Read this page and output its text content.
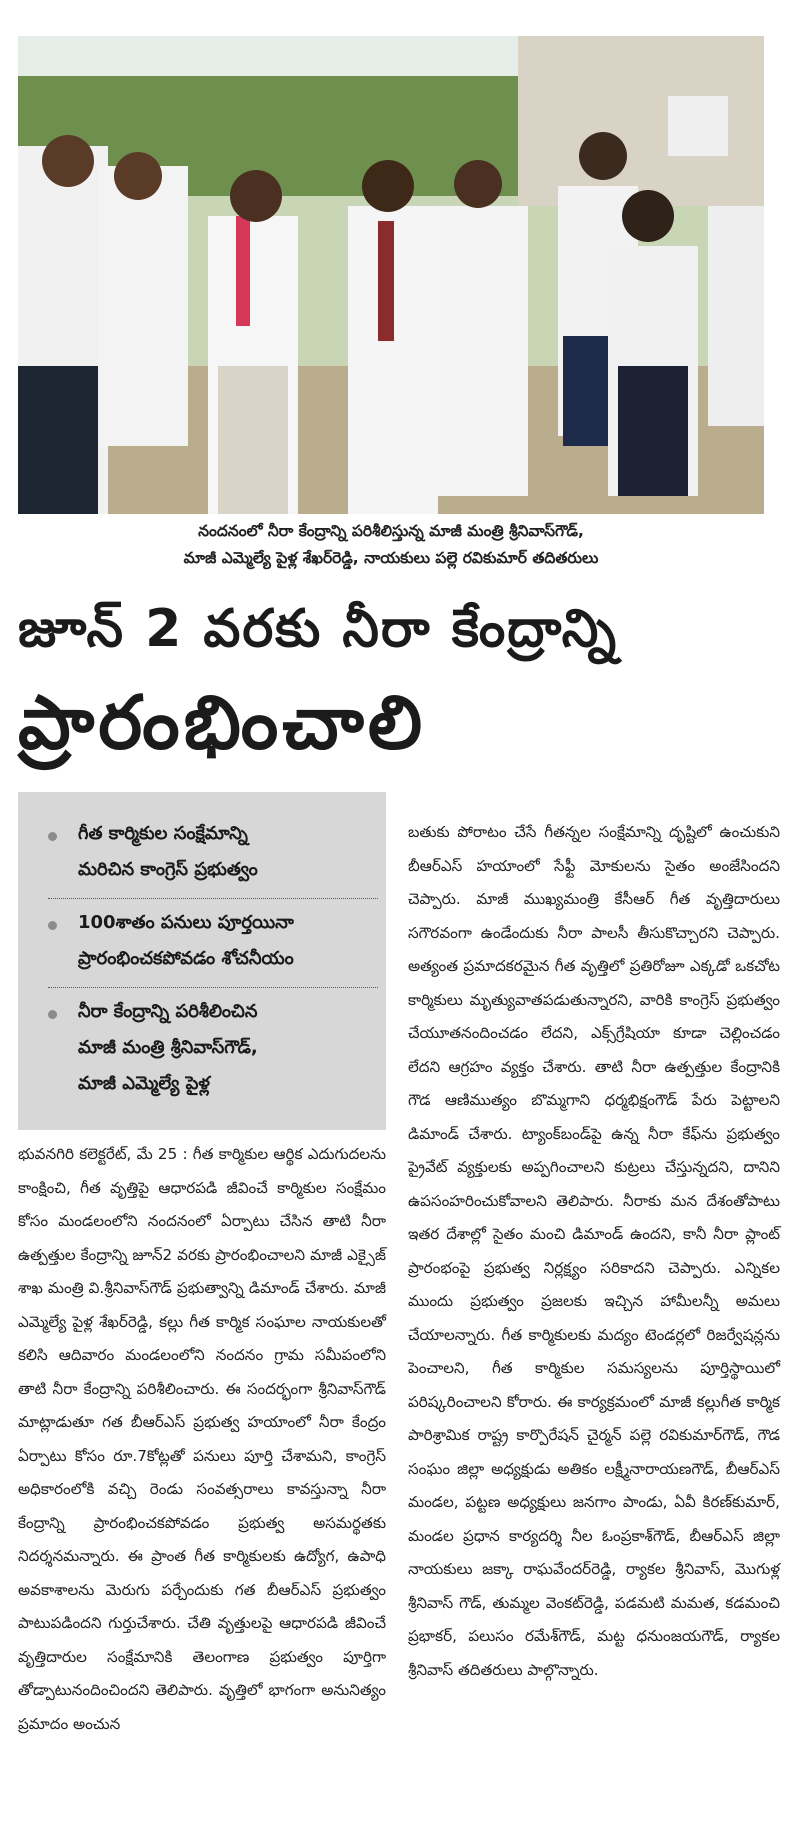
నందనంలో నీరా కేంద్రాన్ని పరిశీలిస్తున్న మాజీ మంత్రి శ్రీనివాస్‌గౌడ్,
మాజీ ఎమ్మెల్యే పైళ్ల శేఖర్‌రెడ్డి, నాయకులు పల్లె రవికుమార్ తదితరులు
జూన్ 2 వరకు నీరా కేంద్రాన్ని
ప్రారంభించాలి
గీత కార్మికుల సంక్షేమాన్ని
మరిచిన కాంగ్రెస్ ప్రభుత్వం
100శాతం పనులు పూర్తయినా
ప్రారంభించకపోవడం శోచనీయం
నీరా కేంద్రాన్ని పరిశీలించిన
మాజీ మంత్రి శ్రీనివాస్‌గౌడ్,
మాజీ ఎమ్మెల్యే పైళ్ల
భువనగిరి కలెక్టరేట్, మే 25 : గీత కార్మికుల ఆర్థిక ఎదుగుదలను కాంక్షించి, గీత వృత్తిపై ఆధారపడి జీవించే కార్మికుల సంక్షేమం కోసం మండలంలోని నందనంలో ఏర్పాటు చేసిన తాటి నీరా ఉత్పత్తుల కేంద్రాన్ని జూన్2 వరకు ప్రారంభించాలని మాజీ ఎక్సైజ్ శాఖ మంత్రి వి.శ్రీనివాస్‌గౌడ్ ప్రభుత్వాన్ని డిమాండ్ చేశారు. మాజీ ఎమ్మెల్యే పైళ్ల శేఖర్‌రెడ్డి, కల్లు గీత కార్మిక సంఘాల నాయకులతో కలిసి ఆదివారం మండలంలోని నందనం గ్రామ సమీపంలోని తాటి నీరా కేంద్రాన్ని పరిశీలించారు. ఈ సందర్భంగా శ్రీనివాస్‌గౌడ్ మాట్లాడుతూ గత బీఆర్ఎస్ ప్రభుత్వ హయాంలో నీరా కేంద్రం ఏర్పాటు కోసం రూ.7కోట్లతో పనులు పూర్తి చేశామని, కాంగ్రెస్ అధికారంలోకి వచ్చి రెండు సంవత్సరాలు కావస్తున్నా నీరా కేంద్రాన్ని ప్రారంభించకపోవడం ప్రభుత్వ అసమర్థతకు నిదర్శనమన్నారు. ఈ ప్రాంత గీత కార్మికులకు ఉద్యోగ, ఉపాధి అవకాశాలను మెరుగు పర్చేందుకు గత బీఆర్ఎస్ ప్రభుత్వం పాటుపడిందని గుర్తుచేశారు. చేతి వృత్తులపై ఆధారపడి జీవించే వృత్తిదారుల సంక్షేమానికి తెలంగాణ ప్రభుత్వం పూర్తిగా తోడ్పాటునందించిందని తెలిపారు. వృత్తిలో భాగంగా అనునిత్యం ప్రమాదం అంచున
బతుకు పోరాటం చేసే గీతన్నల సంక్షేమాన్ని దృష్టిలో ఉంచుకుని బీఆర్ఎస్ హయాంలో సేఫ్టీ మోకులను సైతం అంజేసిందని చెప్పారు. మాజీ ముఖ్యమంత్రి కేసీఆర్ గీత వృత్తిదారులు సగౌరవంగా ఉండేందుకు నీరా పాలసీ తీసుకొచ్చారని చెప్పారు. అత్యంత ప్రమాదకరమైన గీత వృత్తిలో ప్రతిరోజూ ఎక్కడో ఒకచోట కార్మికులు మృత్యువాతపడుతున్నారని, వారికి కాంగ్రెస్ ప్రభుత్వం చేయూతనందించడం లేదని, ఎక్స్‌గ్రేషియా కూడా చెల్లించడం లేదని ఆగ్రహం వ్యక్తం చేశారు. తాటి నీరా ఉత్పత్తుల కేంద్రానికి గౌడ ఆణిముత్యం బొమ్మగాని ధర్మభిక్షంగౌడ్ పేరు పెట్టాలని డిమాండ్ చేశారు. ట్యాంక్‌బండ్‌పై ఉన్న నీరా కేఫ్‌ను ప్రభుత్వం ప్రైవేట్ వ్యక్తులకు అప్పగించాలని కుట్రలు చేస్తున్నదని, దానిని ఉపసంహరించుకోవాలని తెలిపారు. నీరాకు మన దేశంతోపాటు ఇతర దేశాల్లో సైతం మంచి డిమాండ్ ఉందని, కానీ నీరా ప్లాంట్ ప్రారంభంపై ప్రభుత్వ నిర్లక్ష్యం సరికాదని చెప్పారు. ఎన్నికల ముందు ప్రభుత్వం ప్రజలకు ఇచ్చిన హామీలన్నీ అమలు చేయాలన్నారు. గీత కార్మికులకు మద్యం టెండర్లలో రిజర్వేషన్లను పెంచాలని, గీత కార్మికుల సమస్యలను పూర్తిస్థాయిలో పరిష్కరించాలని కోరారు. ఈ కార్యక్రమంలో మాజీ కల్లుగీత కార్మిక పారిశ్రామిక రాష్ట్ర కార్పొరేషన్ చైర్మన్ పల్లె రవికుమార్‌గౌడ్, గౌడ సంఘం జిల్లా అధ్యక్షుడు అతికం లక్ష్మీనారాయణగౌడ్, బీఆర్ఎస్ మండల, పట్టణ అధ్యక్షులు జనగాం పాండు, ఏవీ కిరణ్‌కుమార్, మండల ప్రధాన కార్యదర్శి నీల ఓంప్రకాశ్‌గౌడ్, బీఆర్ఎస్ జిల్లా నాయకులు జక్కా రాఘవేందర్‌రెడ్డి, ర్యాకల శ్రీనివాస్, మొగుళ్ల శ్రీనివాస్ గౌడ్, తుమ్మల వెంకట్‌రెడ్డి, పడమటి మమత, కడమంచి ప్రభాకర్, పలుసం రమేశ్‌గౌడ్, మట్ట ధనుంజయగౌడ్, ర్యాకల శ్రీనివాస్ తదితరులు పాల్గొన్నారు.
